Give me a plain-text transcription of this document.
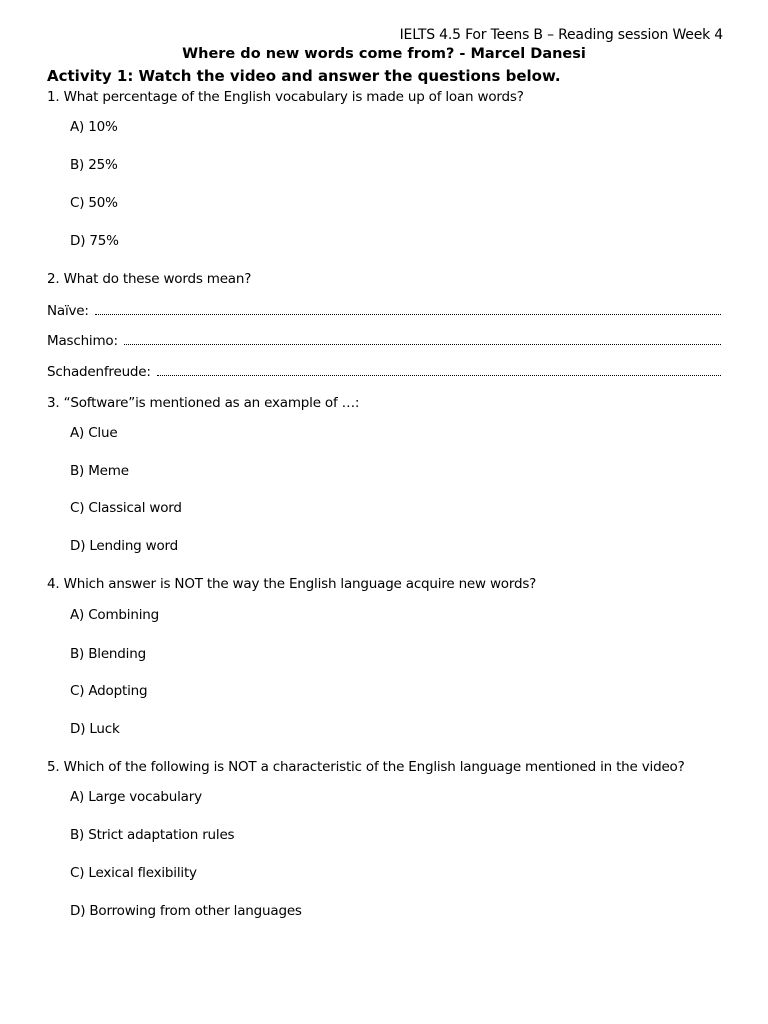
IELTS 4.5 For Teens B – Reading session Week 4
Where do new words come from? - Marcel Danesi
Activity 1: Watch the video and answer the questions below.
1. What percentage of the English vocabulary is made up of loan words?
A) 10%
B) 25%
C) 50%
D) 75%
2. What do these words mean?
Naïve:
Maschimo:
Schadenfreude:
3. “Software”is mentioned as an example of …:
A) Clue
B) Meme
C) Classical word
D) Lending word
4. Which answer is NOT the way the English language acquire new words?
A) Combining
B) Blending
C) Adopting
D) Luck
5. Which of the following is NOT a characteristic of the English language mentioned in the video?
A) Large vocabulary
B) Strict adaptation rules
C) Lexical flexibility
D) Borrowing from other languages
